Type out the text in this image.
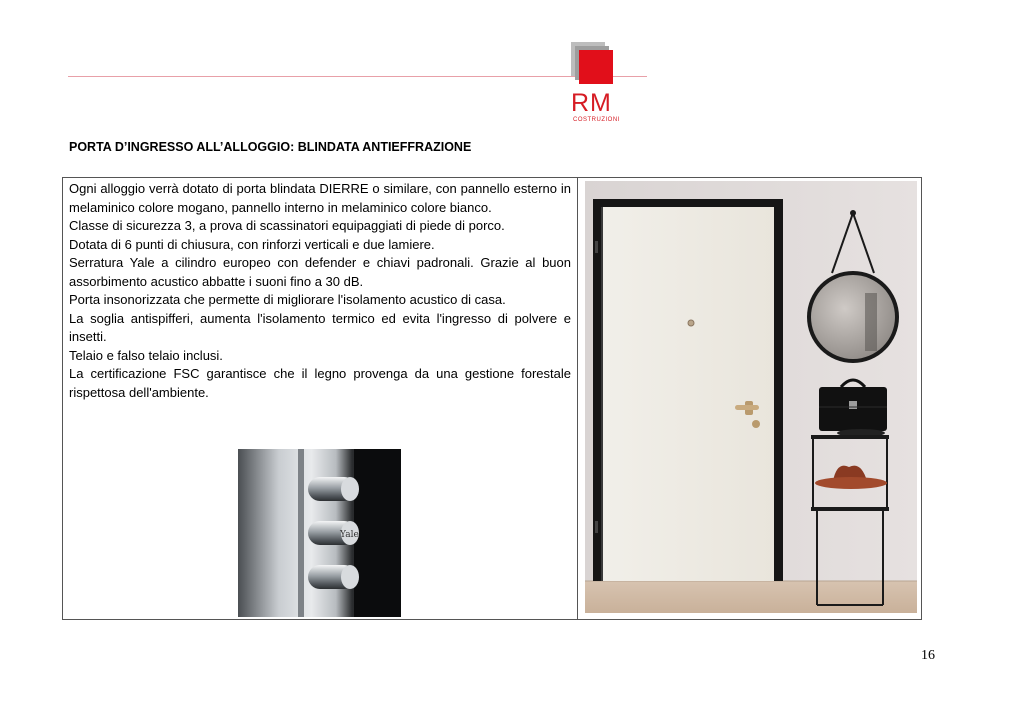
RM
COSTRUZIONI
PORTA D’INGRESSO ALL’ALLOGGIO: BLINDATA ANTIEFFRAZIONE

Ogni alloggio verrà dotato di porta blindata DIERRE o similare, con pannello esterno in melaminico colore mogano, pannello interno in melaminico colore bianco.

Classe di sicurezza 3, a prova di scassinatori equipaggiati di piede di porco.

Dotata di 6 punti di chiusura, con rinforzi verticali e due lamiere.

Serratura Yale a cilindro europeo con defender e chiavi padronali. Grazie al buon assorbimento acustico abbatte i suoni fino a 30 dB.

Porta insonorizzata che permette di migliorare l'isolamento acustico di casa.

La soglia antispifferi, aumenta l'isolamento termico ed evita l'ingresso di polvere e insetti.

Telaio e falso telaio inclusi.

La certificazione FSC garantisce che il legno provenga da una gestione forestale rispettosa dell'ambiente.

Yale
16
